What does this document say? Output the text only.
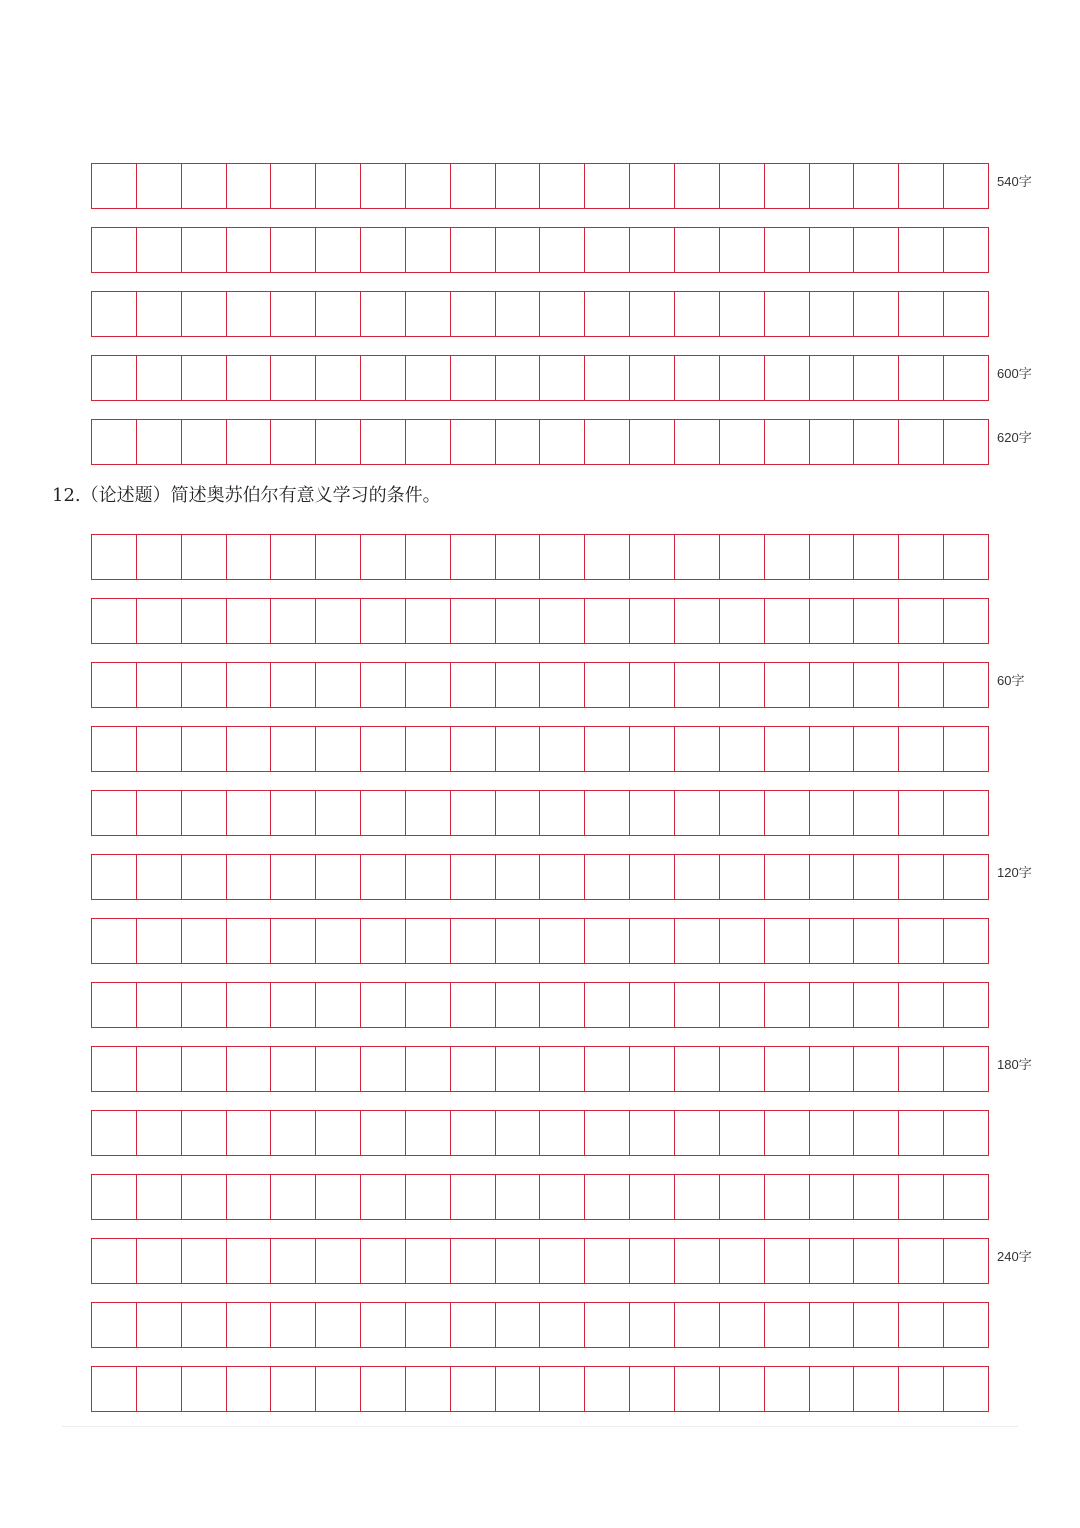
540字
600字
620字

12.（论述题）简述奥苏伯尔有意义学习的条件。

60字
120字
180字
240字
